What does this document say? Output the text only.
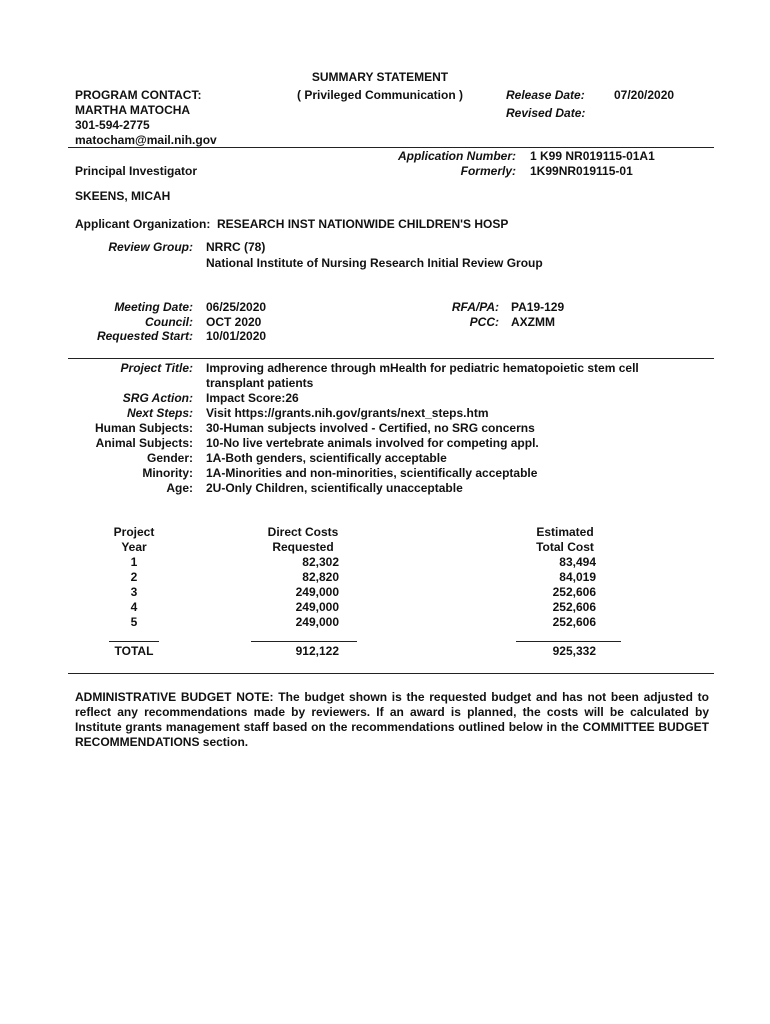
SUMMARY STATEMENT
( Privileged Communication )
PROGRAM CONTACT:
MARTHA MATOCHA
301-594-2775
matocham@mail.nih.gov
Release Date: 07/20/2020
Revised Date:
Application Number: 1 K99 NR019115-01A1
Formerly: 1K99NR019115-01
Principal Investigator
SKEENS, MICAH
Applicant Organization: RESEARCH INST NATIONWIDE CHILDREN'S HOSP
Review Group: NRRC (78)
National Institute of Nursing Research Initial Review Group
Meeting Date: 06/25/2020
Council: OCT 2020
Requested Start: 10/01/2020
RFA/PA: PA19-129
PCC: AXZMM
Project Title: Improving adherence through mHealth for pediatric hematopoietic stem cell
transplant patients
SRG Action: Impact Score:26
Next Steps: Visit https://grants.nih.gov/grants/next_steps.htm
Human Subjects: 30-Human subjects involved - Certified, no SRG concerns
Animal Subjects: 10-No live vertebrate animals involved for competing appl.
Gender: 1A-Both genders, scientifically acceptable
Minority: 1A-Minorities and non-minorities, scientifically acceptable
Age: 2U-Only Children, scientifically unacceptable
Project
Year
Direct Costs
Requested
Estimated
Total Cost
1	82,302	83,494
2	82,820	84,019
3	249,000	252,606
4	249,000	252,606
5	249,000	252,606
TOTAL	912,122	925,332
ADMINISTRATIVE BUDGET NOTE: The budget shown is the requested budget and has not been adjusted to reflect any recommendations made by reviewers. If an award is planned, the costs will be calculated by Institute grants management staff based on the recommendations outlined below in the COMMITTEE BUDGET RECOMMENDATIONS section.
